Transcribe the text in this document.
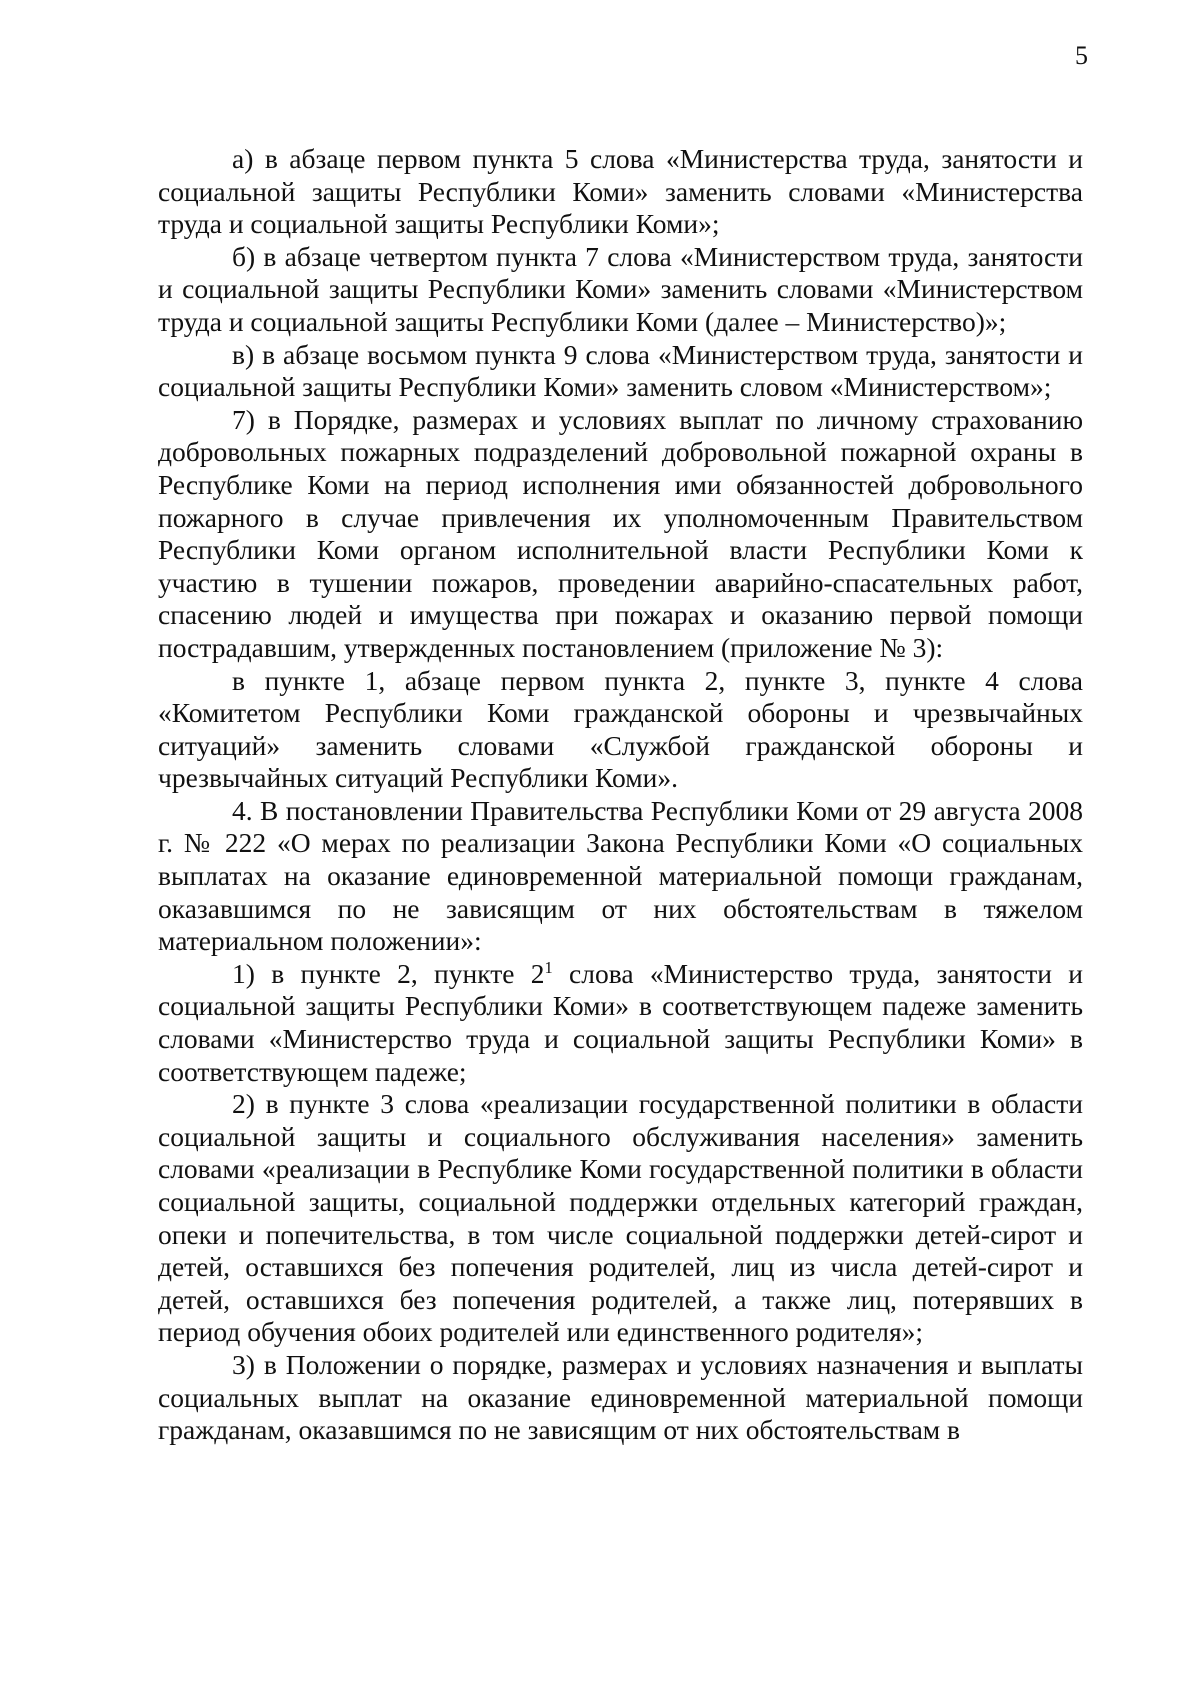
5

а) в абзаце первом пункта 5 слова «Министерства труда, занятости и социальной защиты Республики Коми» заменить словами «Министерства труда и социальной защиты Республики Коми»;

б) в абзаце четвертом пункта 7 слова «Министерством труда, занятости и социальной защиты Республики Коми» заменить словами «Министерством труда и социальной защиты Республики Коми (далее – Министерство)»;

в) в абзаце восьмом пункта 9 слова «Министерством труда, занятости и социальной защиты Республики Коми» заменить словом «Министерством»;

7) в Порядке, размерах и условиях выплат по личному страхованию добровольных пожарных подразделений добровольной пожарной охраны в Республике Коми на период исполнения ими обязанностей добровольного пожарного в случае привлечения их уполномоченным Правительством Республики Коми органом исполнительной власти Республики Коми к участию в тушении пожаров, проведении аварийно-спасательных работ, спасению людей и имущества при пожарах и оказанию первой помощи пострадавшим, утвержденных постановлением (приложение № 3):

в пункте 1, абзаце первом пункта 2, пункте 3, пункте 4 слова «Комитетом Республики Коми гражданской обороны и чрезвычайных ситуаций» заменить словами «Службой гражданской обороны и чрезвычайных ситуаций Республики Коми».

4. В постановлении Правительства Республики Коми от 29 августа 2008 г. № 222 «О мерах по реализации Закона Республики Коми «О социальных выплатах на оказание единовременной материальной помощи гражданам, оказавшимся по не зависящим от них обстоятельствам в тяжелом материальном положении»:

1) в пункте 2, пункте $2^1$ слова «Министерство труда, занятости и социальной защиты Республики Коми» в соответствующем падеже заменить словами «Министерство труда и социальной защиты Республики Коми» в соответствующем падеже;

2) в пункте 3 слова «реализации государственной политики в области социальной защиты и социального обслуживания населения» заменить словами «реализации в Республике Коми государственной политики в области социальной защиты, социальной поддержки отдельных категорий граждан, опеки и попечительства, в том числе социальной поддержки детей-сирот и детей, оставшихся без попечения родителей, лиц из числа детей-сирот и детей, оставшихся без попечения родителей, а также лиц, потерявших в период обучения обоих родителей или единственного родителя»;

3) в Положении о порядке, размерах и условиях назначения и выплаты социальных выплат на оказание единовременной материальной помощи гражданам, оказавшимся по не зависящим от них обстоятельствам в
